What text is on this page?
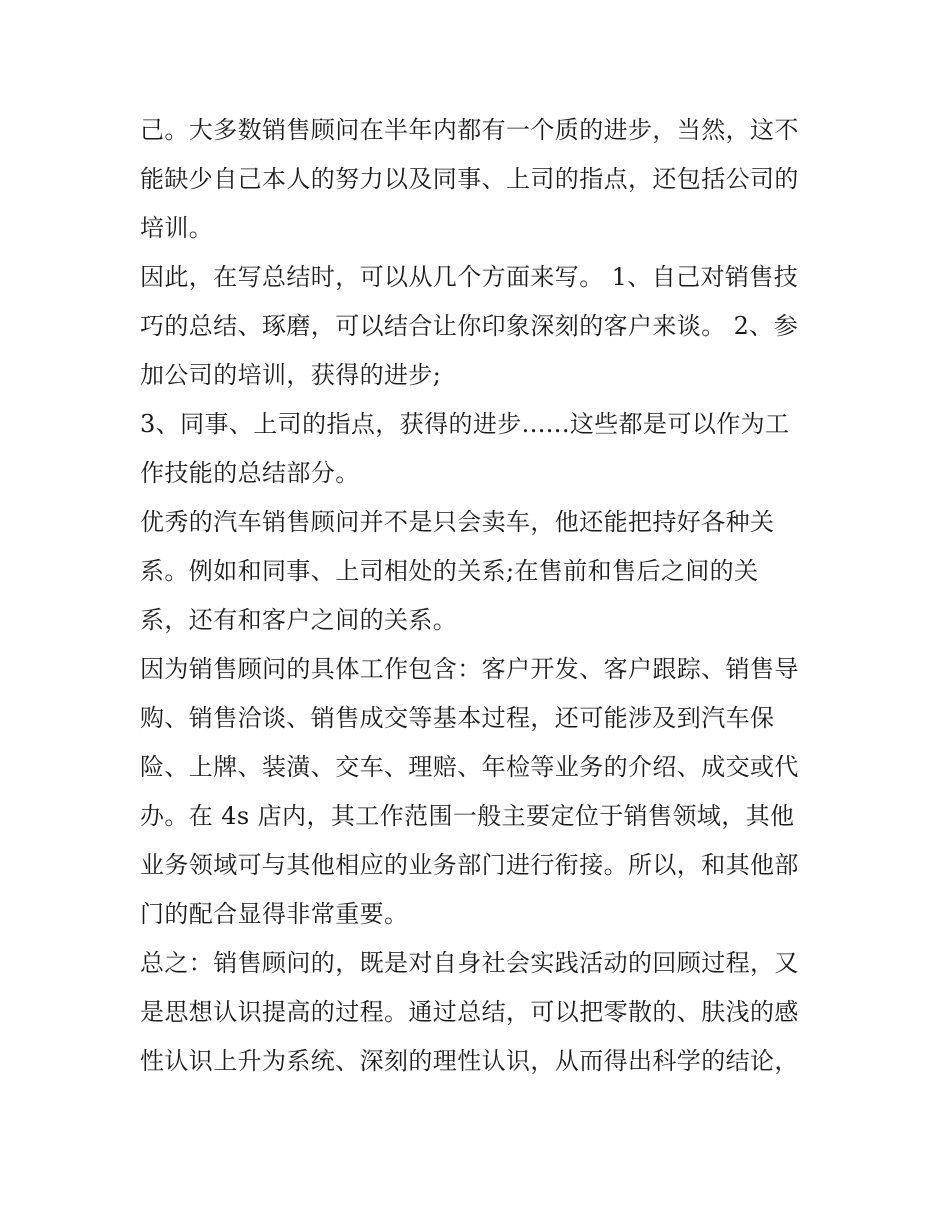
己。大多数销售顾问在半年内都有一个质的进步，当然，这不
能缺少自己本人的努力以及同事、上司的指点，还包括公司的
培训。
因此，在写总结时，可以从几个方面来写。 1、自己对销售技
巧的总结、琢磨，可以结合让你印象深刻的客户来谈。 2、参
加公司的培训，获得的进步;
3、同事、上司的指点，获得的进步......这些都是可以作为工
作技能的总结部分。
优秀的汽车销售顾问并不是只会卖车，他还能把持好各种关
系。例如和同事、上司相处的关系;在售前和售后之间的关
系，还有和客户之间的关系。
因为销售顾问的具体工作包含：客户开发、客户跟踪、销售导
购、销售洽谈、销售成交等基本过程，还可能涉及到汽车保
险、上牌、装潢、交车、理赔、年检等业务的介绍、成交或代
办。在 4s 店内，其工作范围一般主要定位于销售领域，其他
业务领域可与其他相应的业务部门进行衔接。所以，和其他部
门的配合显得非常重要。
总之：销售顾问的，既是对自身社会实践活动的回顾过程，又
是思想认识提高的过程。通过总结，可以把零散的、肤浅的感
性认识上升为系统、深刻的理性认识，从而得出科学的结论，
